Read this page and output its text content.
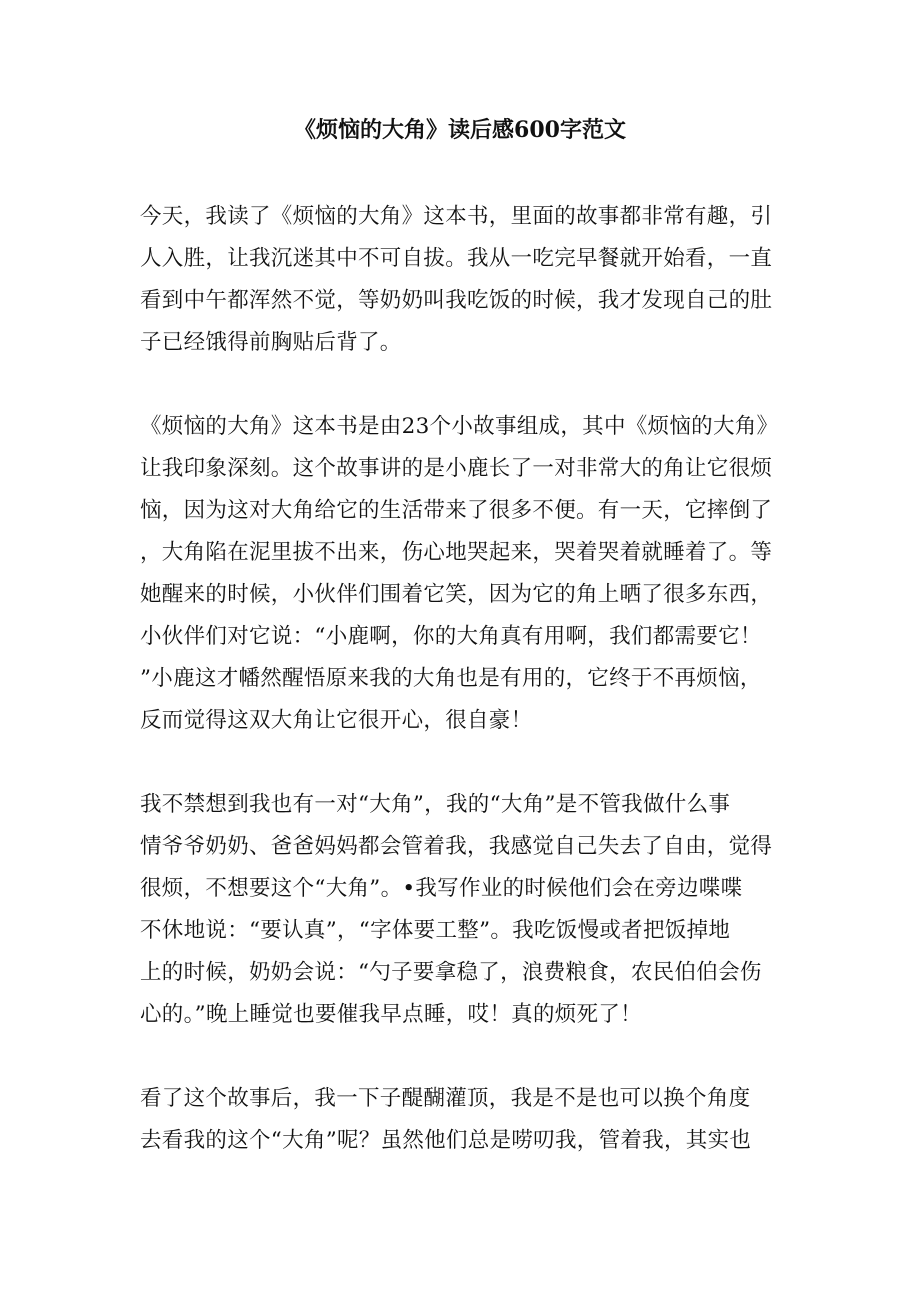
《烦恼的大角》读后感600字范文
今天，我读了《烦恼的大角》这本书，里面的故事都非常有趣，引
人入胜，让我沉迷其中不可自拔。我从一吃完早餐就开始看，一直
看到中午都浑然不觉，等奶奶叫我吃饭的时候，我才发现自己的肚
子已经饿得前胸贴后背了。
《烦恼的大角》这本书是由23个小故事组成，其中《烦恼的大角》
让我印象深刻。这个故事讲的是小鹿长了一对非常大的角让它很烦
恼，因为这对大角给它的生活带来了很多不便。有一天，它摔倒了
，大角陷在泥里拔不出来，伤心地哭起来，哭着哭着就睡着了。等
她醒来的时候，小伙伴们围着它笑，因为它的角上晒了很多东西，
小伙伴们对它说：“小鹿啊，你的大角真有用啊，我们都需要它！
”小鹿这才幡然醒悟原来我的大角也是有用的，它终于不再烦恼，
反而觉得这双大角让它很开心，很自豪！
我不禁想到我也有一对“大角”，我的“大角”是不管我做什么事
情爷爷奶奶、爸爸妈妈都会管着我，我感觉自己失去了自由，觉得
很烦，不想要这个“大角”。•我写作业的时候他们会在旁边喋喋
不休地说：“要认真”，“字体要工整”。我吃饭慢或者把饭掉地
上的时候，奶奶会说：“勺子要拿稳了，浪费粮食，农民伯伯会伤
心的。”晚上睡觉也要催我早点睡，哎！真的烦死了！
看了这个故事后，我一下子醍醐灌顶，我是不是也可以换个角度
去看我的这个“大角”呢？虽然他们总是唠叨我，管着我，其实也
